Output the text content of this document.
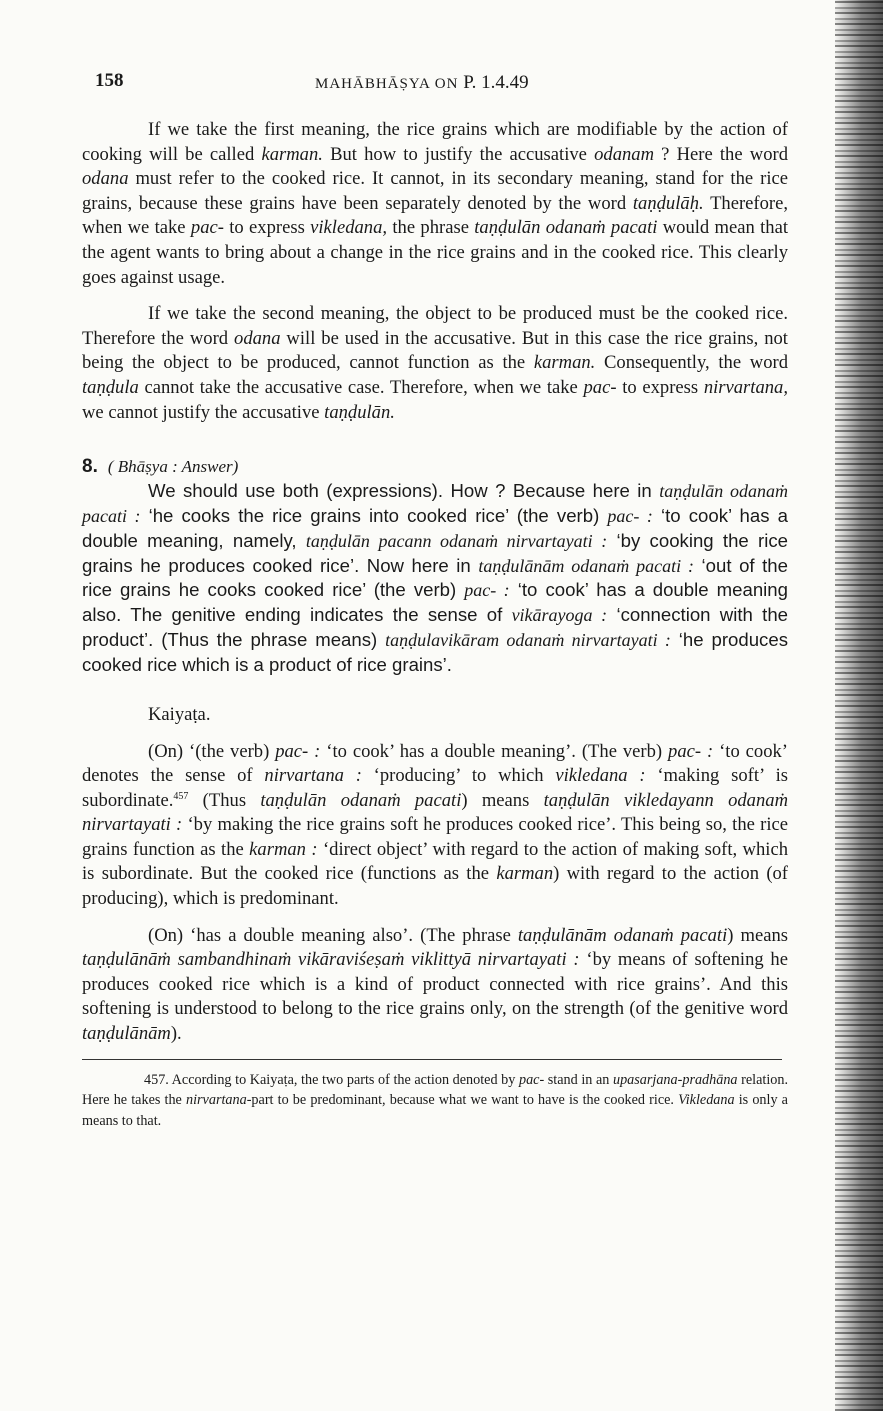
158	MAHĀBHĀṢYA ON P. 1.4.49

If we take the first meaning, the rice grains which are modifiable by the action of cooking will be called karman. But how to justify the accusative odanam ? Here the word odana must refer to the cooked rice. It cannot, in its secondary meaning, stand for the rice grains, because these grains have been separately denoted by the word taṇḍulāḥ. Therefore, when we take pac- to express vikledana, the phrase taṇḍulān odanaṁ pacati would mean that the agent wants to bring about a change in the rice grains and in the cooked rice. This clearly goes against usage.

If we take the second meaning, the object to be produced must be the cooked rice. Therefore the word odana will be used in the accusative. But in this case the rice grains, not being the object to be produced, cannot function as the karman. Consequently, the word taṇḍula cannot take the accusative case. Therefore, when we take pac- to express nirvartana, we cannot justify the accusative taṇḍulān.

8. ( Bhāṣya : Answer)

We should use both (expressions). How ? Because here in taṇḍulān odanaṁ pacati : ‘he cooks the rice grains into cooked rice’ (the verb) pac- : ‘to cook’ has a double meaning, namely, taṇḍulān pacann odanaṁ nirvartayati : ‘by cooking the rice grains he produces cooked rice’. Now here in taṇḍulānām odanaṁ pacati : ‘out of the rice grains he cooks cooked rice’ (the verb) pac- : ‘to cook’ has a double meaning also. The genitive ending indicates the sense of vikārayoga : ‘connection with the product’. (Thus the phrase means) taṇḍulavikāram odanaṁ nirvartayati : ‘he produces cooked rice which is a product of rice grains’.

Kaiyaṭa.

(On) ‘(the verb) pac- : ‘to cook’ has a double meaning’. (The verb) pac- : ‘to cook’ denotes the sense of nirvartana : ‘producing’ to which vikledana : ‘making soft’ is subordinate.$^{457}$ (Thus taṇḍulān odanaṁ pacati) means taṇḍulān vikledayann odanaṁ nirvartayati : ‘by making the rice grains soft he produces cooked rice’. This being so, the rice grains function as the karman : ‘direct object’ with regard to the action of making soft, which is subordinate. But the cooked rice (functions as the karman) with regard to the action (of producing), which is predominant.

(On) ‘has a double meaning also’. (The phrase taṇḍulānām odanaṁ pacati) means taṇḍulānāṁ sambandhinaṁ vikāraviśeṣaṁ viklittyā nirvartayati : ‘by means of softening he produces cooked rice which is a kind of product connected with rice grains’. And this softening is understood to belong to the rice grains only, on the strength (of the genitive word taṇḍulānām).

457. According to Kaiyaṭa, the two parts of the action denoted by pac- stand in an upasarjana-pradhāna relation. Here he takes the nirvartana-part to be predominant, because what we want to have is the cooked rice. Vikledana is only a means to that.
